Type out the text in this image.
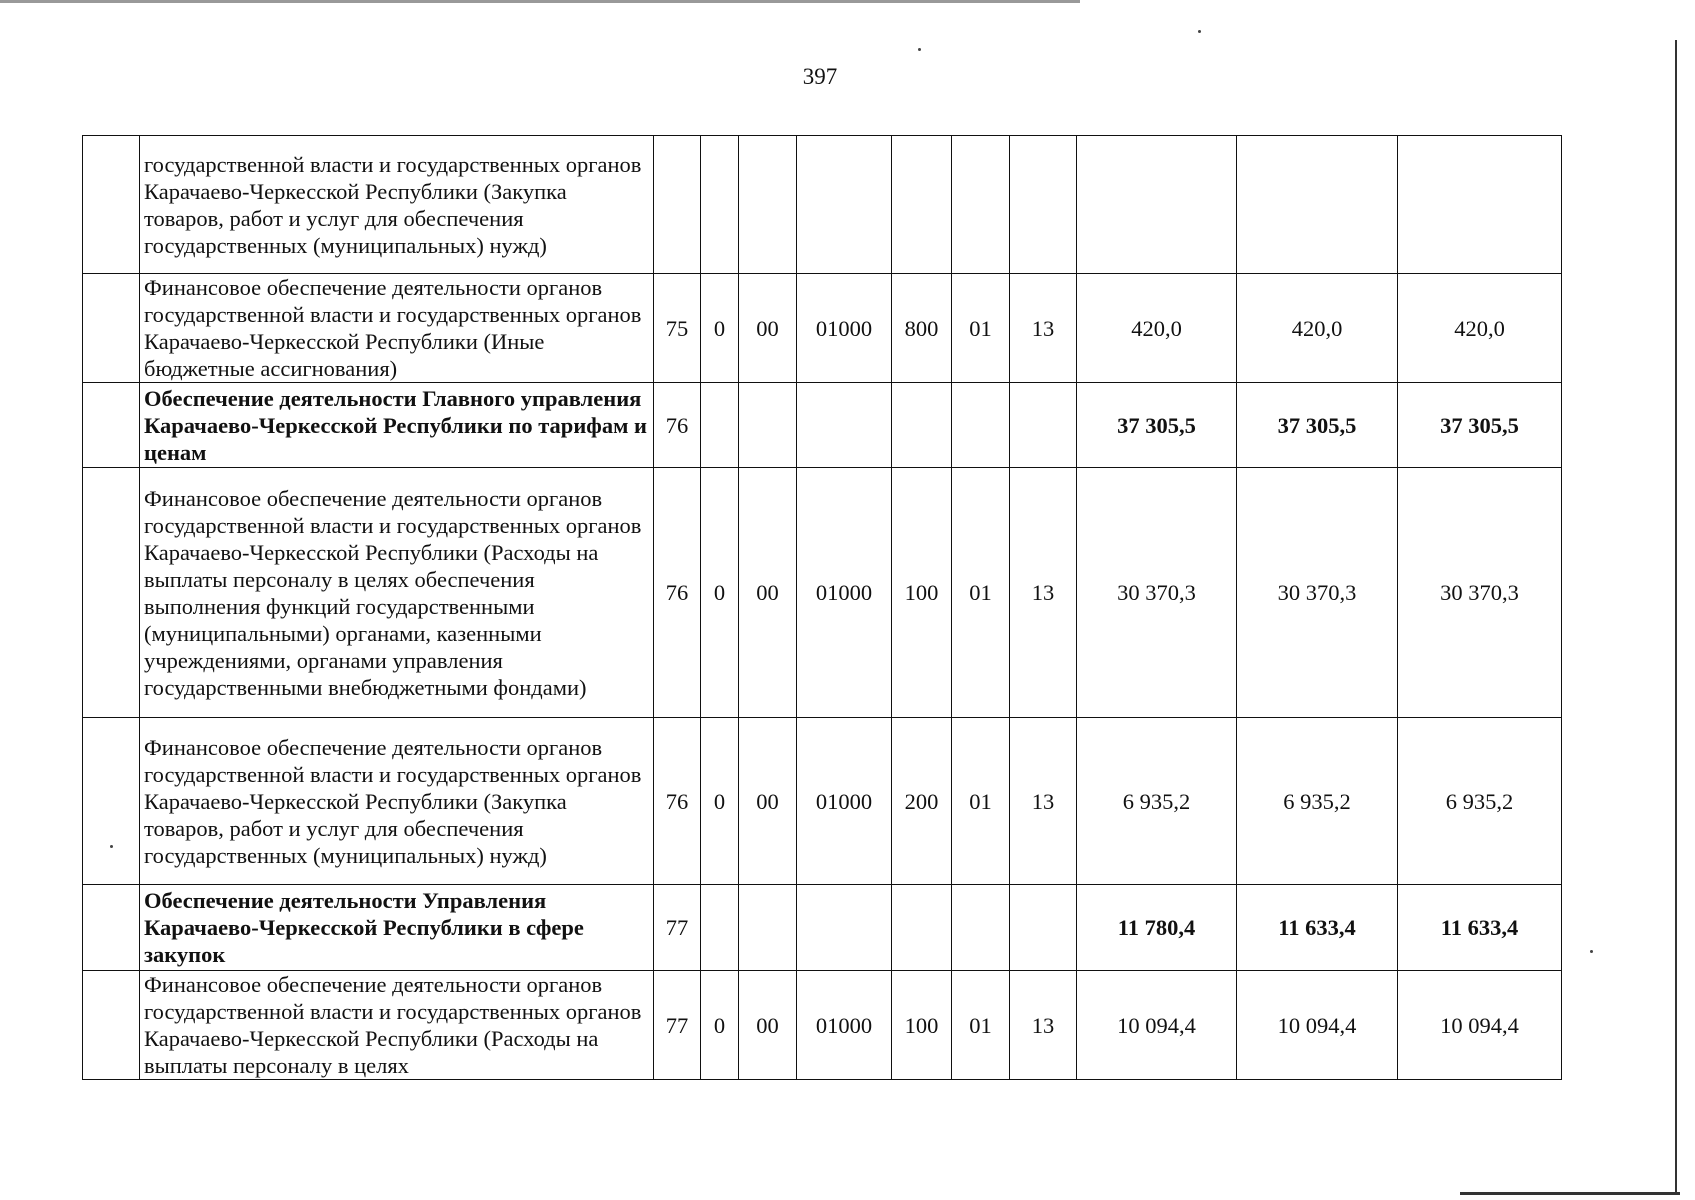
397
	государственной власти и государственных органов Карачаево-Черкесской Республики (Закупка товаров, работ и услуг для обеспечения государственных (муниципальных) нужд)										
	Финансовое обеспечение деятельности органов государственной власти и государственных органов Карачаево-Черкесской Республики (Иные бюджетные ассигнования)	75	0	00	01000	800	01	13	420,0	420,0	420,0
	Обеспечение деятельности Главного управления Карачаево-Черкесской Республики по тарифам и ценам	76							37 305,5	37 305,5	37 305,5
	Финансовое обеспечение деятельности органов государственной власти и государственных органов Карачаево-Черкесской Республики (Расходы на выплаты персоналу в целях обеспечения выполнения функций государственными (муниципальными) органами, казенными учреждениями, органами управления государственными внебюджетными фондами)	76	0	00	01000	100	01	13	30 370,3	30 370,3	30 370,3
	Финансовое обеспечение деятельности органов государственной власти и государственных органов Карачаево-Черкесской Республики (Закупка товаров, работ и услуг для обеспечения государственных (муниципальных) нужд)	76	0	00	01000	200	01	13	6 935,2	6 935,2	6 935,2
	Обеспечение деятельности Управления Карачаево-Черкесской Республики в сфере закупок	77							11 780,4	11 633,4	11 633,4
	Финансовое обеспечение деятельности органов государственной власти и государственных органов Карачаево-Черкесской Республики (Расходы на выплаты персоналу в целях	77	0	00	01000	100	01	13	10 094,4	10 094,4	10 094,4
